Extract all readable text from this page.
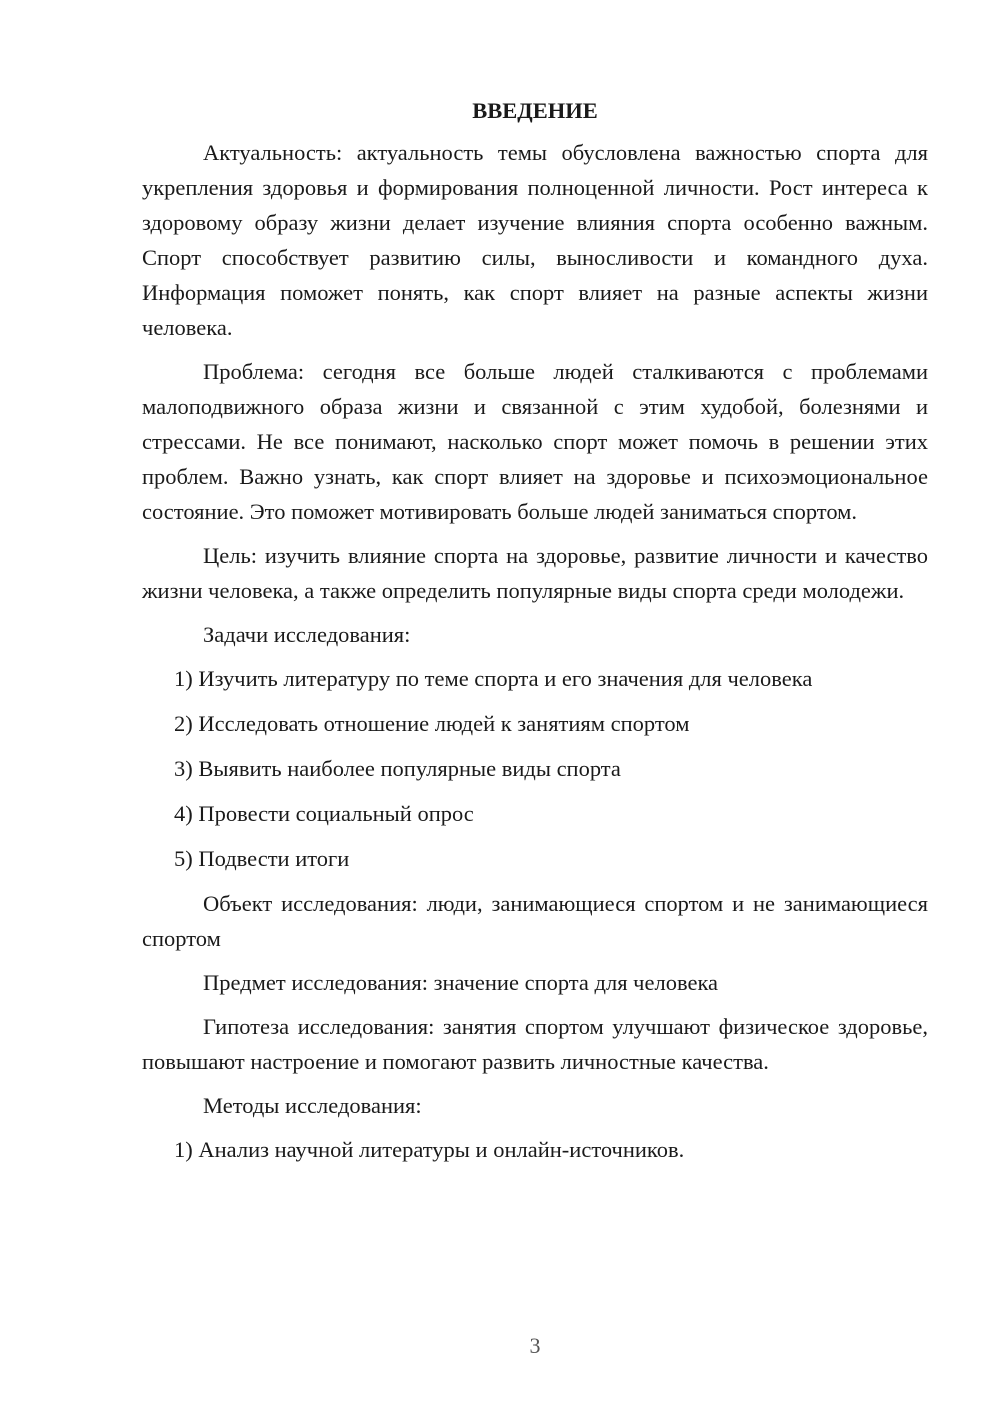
ВВЕДЕНИЕ

Актуальность: актуальность темы обусловлена важностью спорта для укрепления здоровья и формирования полноценной личности. Рост интереса к здоровому образу жизни делает изучение влияния спорта особенно важным. Спорт способствует развитию силы, выносливости и командного духа. Информация поможет понять, как спорт влияет на разные аспекты жизни человека.

Проблема: сегодня все больше людей сталкиваются с проблемами малоподвижного образа жизни и связанной с этим худобой, болезнями и стрессами. Не все понимают, насколько спорт может помочь в решении этих проблем. Важно узнать, как спорт влияет на здоровье и психоэмоциональное состояние. Это поможет мотивировать больше людей заниматься спортом.

Цель: изучить влияние спорта на здоровье, развитие личности и качество жизни человека, а также определить популярные виды спорта среди молодежи.

Задачи исследования:

1) Изучить литературу по теме спорта и его значения для человека
2) Исследовать отношение людей к занятиям спортом
3) Выявить наиболее популярные виды спорта
4) Провести социальный опрос
5) Подвести итоги

Объект исследования: люди, занимающиеся спортом и не занимающиеся спортом

Предмет исследования: значение спорта для человека

Гипотеза исследования: занятия спортом улучшают физическое здоровье, повышают настроение и помогают развить личностные качества.

Методы исследования:

1) Анализ научной литературы и онлайн-источников.
3
